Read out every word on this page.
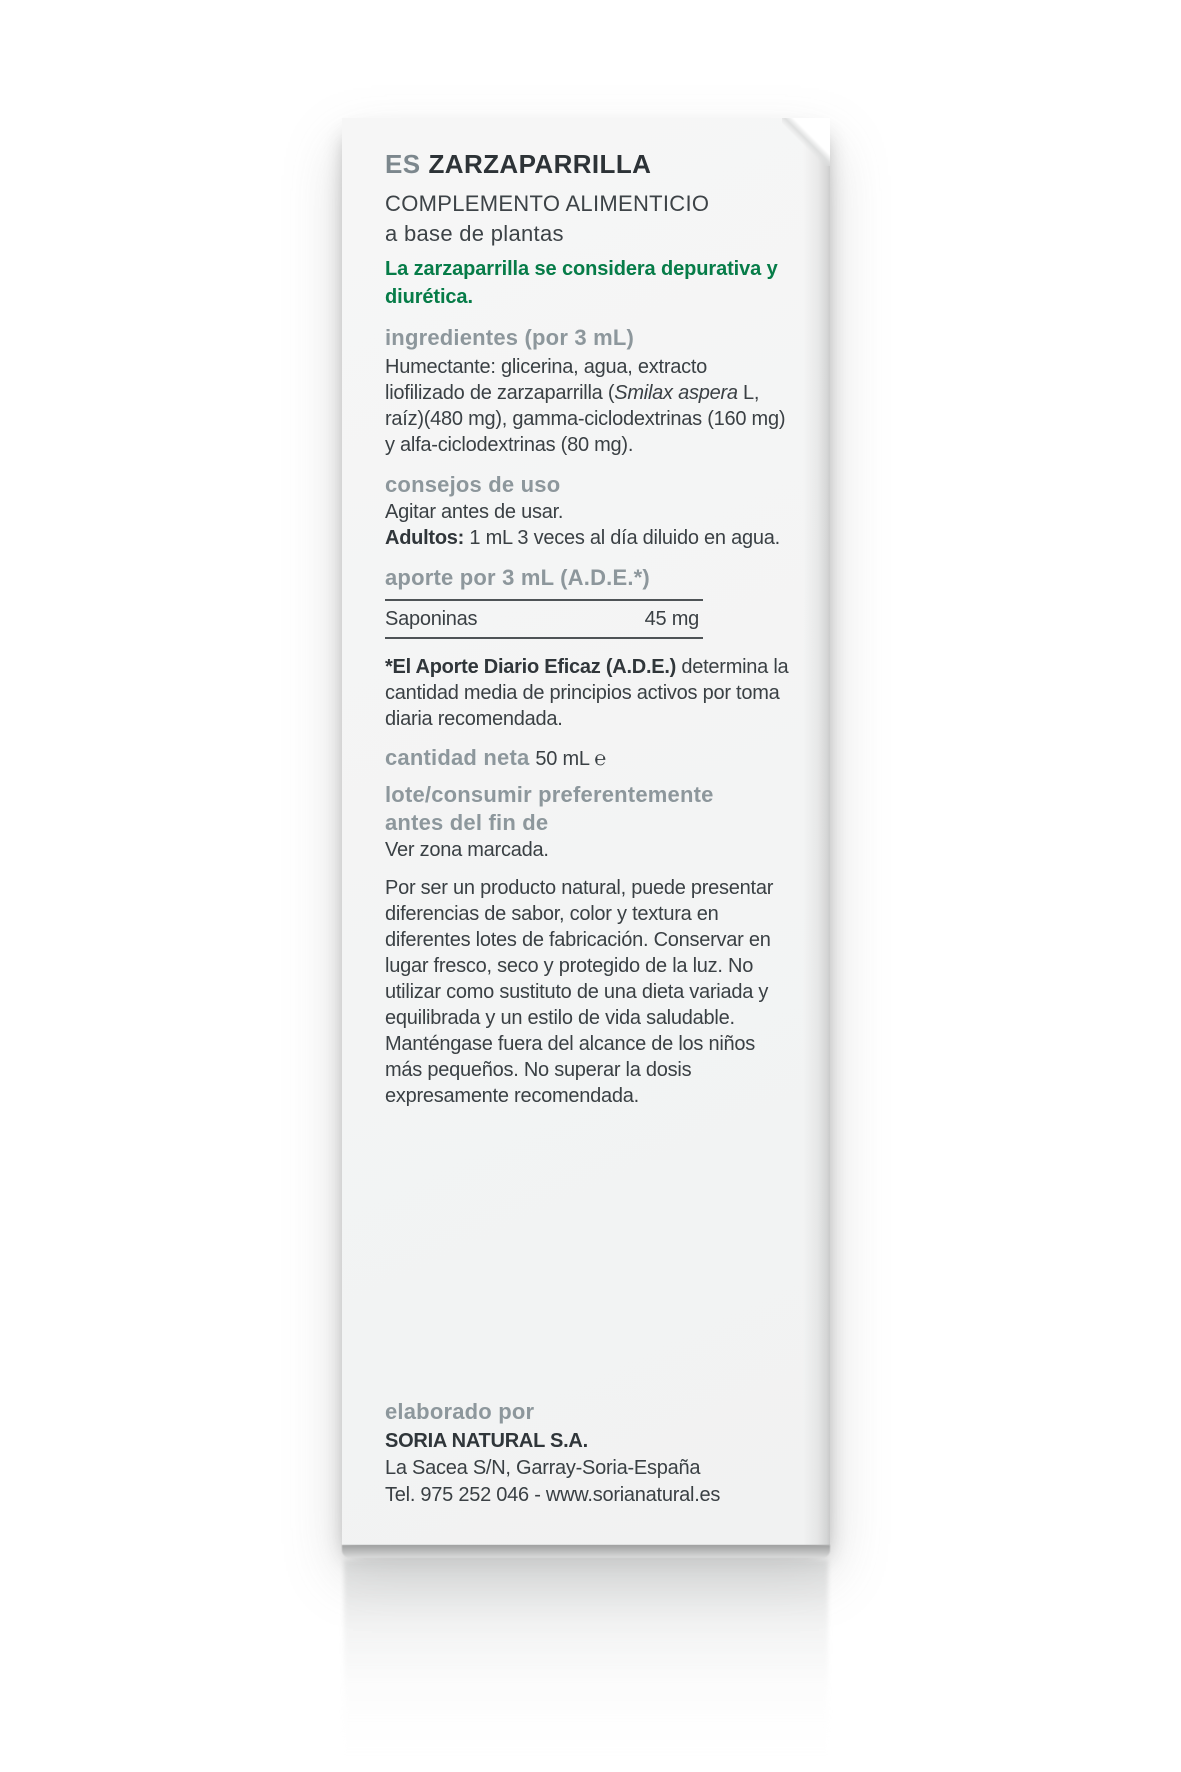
ES ZARZAPARRILLA
COMPLEMENTO ALIMENTICIO
a base de plantas
La zarzaparrilla se considera depurativa y diurética.
ingredientes (por 3 mL)

Humectante: glicerina, agua, extracto liofilizado de zarzaparrilla (Smilax aspera L, raíz)(480 mg), gamma-ciclodextrinas (160 mg) y alfa-ciclodextrinas (80 mg).

consejos de uso

Agitar antes de usar.

Adultos: 1 mL 3 veces al día diluido en agua.

aporte por 3 mL (A.D.E.*)
Saponinas	45 mg

*El Aporte Diario Eficaz (A.D.E.) determina la cantidad media de principios activos por toma diaria recomendada.

cantidad neta 50 mL ℮
lote/consumir preferentemente antes del fin de

Ver zona marcada.

Por ser un producto natural, puede presentar diferencias de sabor, color y textura en diferentes lotes de fabricación. Conservar en lugar fresco, seco y protegido de la luz. No utilizar como sustituto de una dieta variada y equilibrada y un estilo de vida saludable. Manténgase fuera del alcance de los niños más pequeños. No superar la dosis expresamente recomendada.

elaborado por
SORIA NATURAL S.A.
La Sacea S/N, Garray-Soria-España
Tel. 975 252 046 - www.sorianatural.es
